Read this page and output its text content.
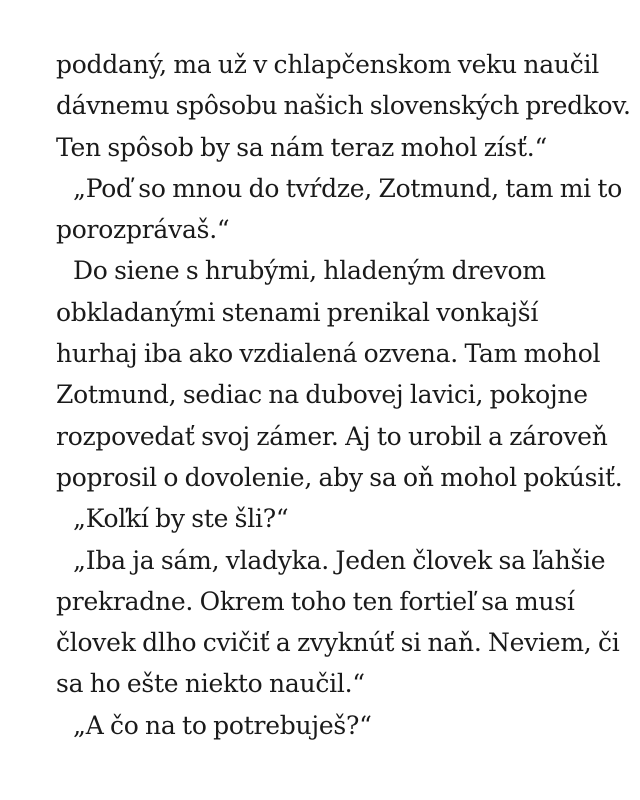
poddaný, ma už v chlapčenskom veku naučil
dávnemu spôsobu našich slovenských predkov.
Ten spôsob by sa nám teraz mohol zísť.“
„Poď so mnou do tvŕdze, Zotmund, tam mi to
porozprávaš.“
Do siene s hrubými, hladeným drevom
obkladanými stenami prenikal vonkajší
hurhaj iba ako vzdialená ozvena. Tam mohol
Zotmund, sediac na dubovej lavici, pokojne
rozpovedať svoj zámer. Aj to urobil a zároveň
poprosil o dovolenie, aby sa oň mohol pokúsiť.
„Koľkí by ste šli?“
„Iba ja sám, vladyka. Jeden človek sa ľahšie
prekradne. Okrem toho ten fortieľ sa musí
človek dlho cvičiť a zvyknúť si naň. Neviem, či
sa ho ešte niekto naučil.“
„A čo na to potrebuješ?“
